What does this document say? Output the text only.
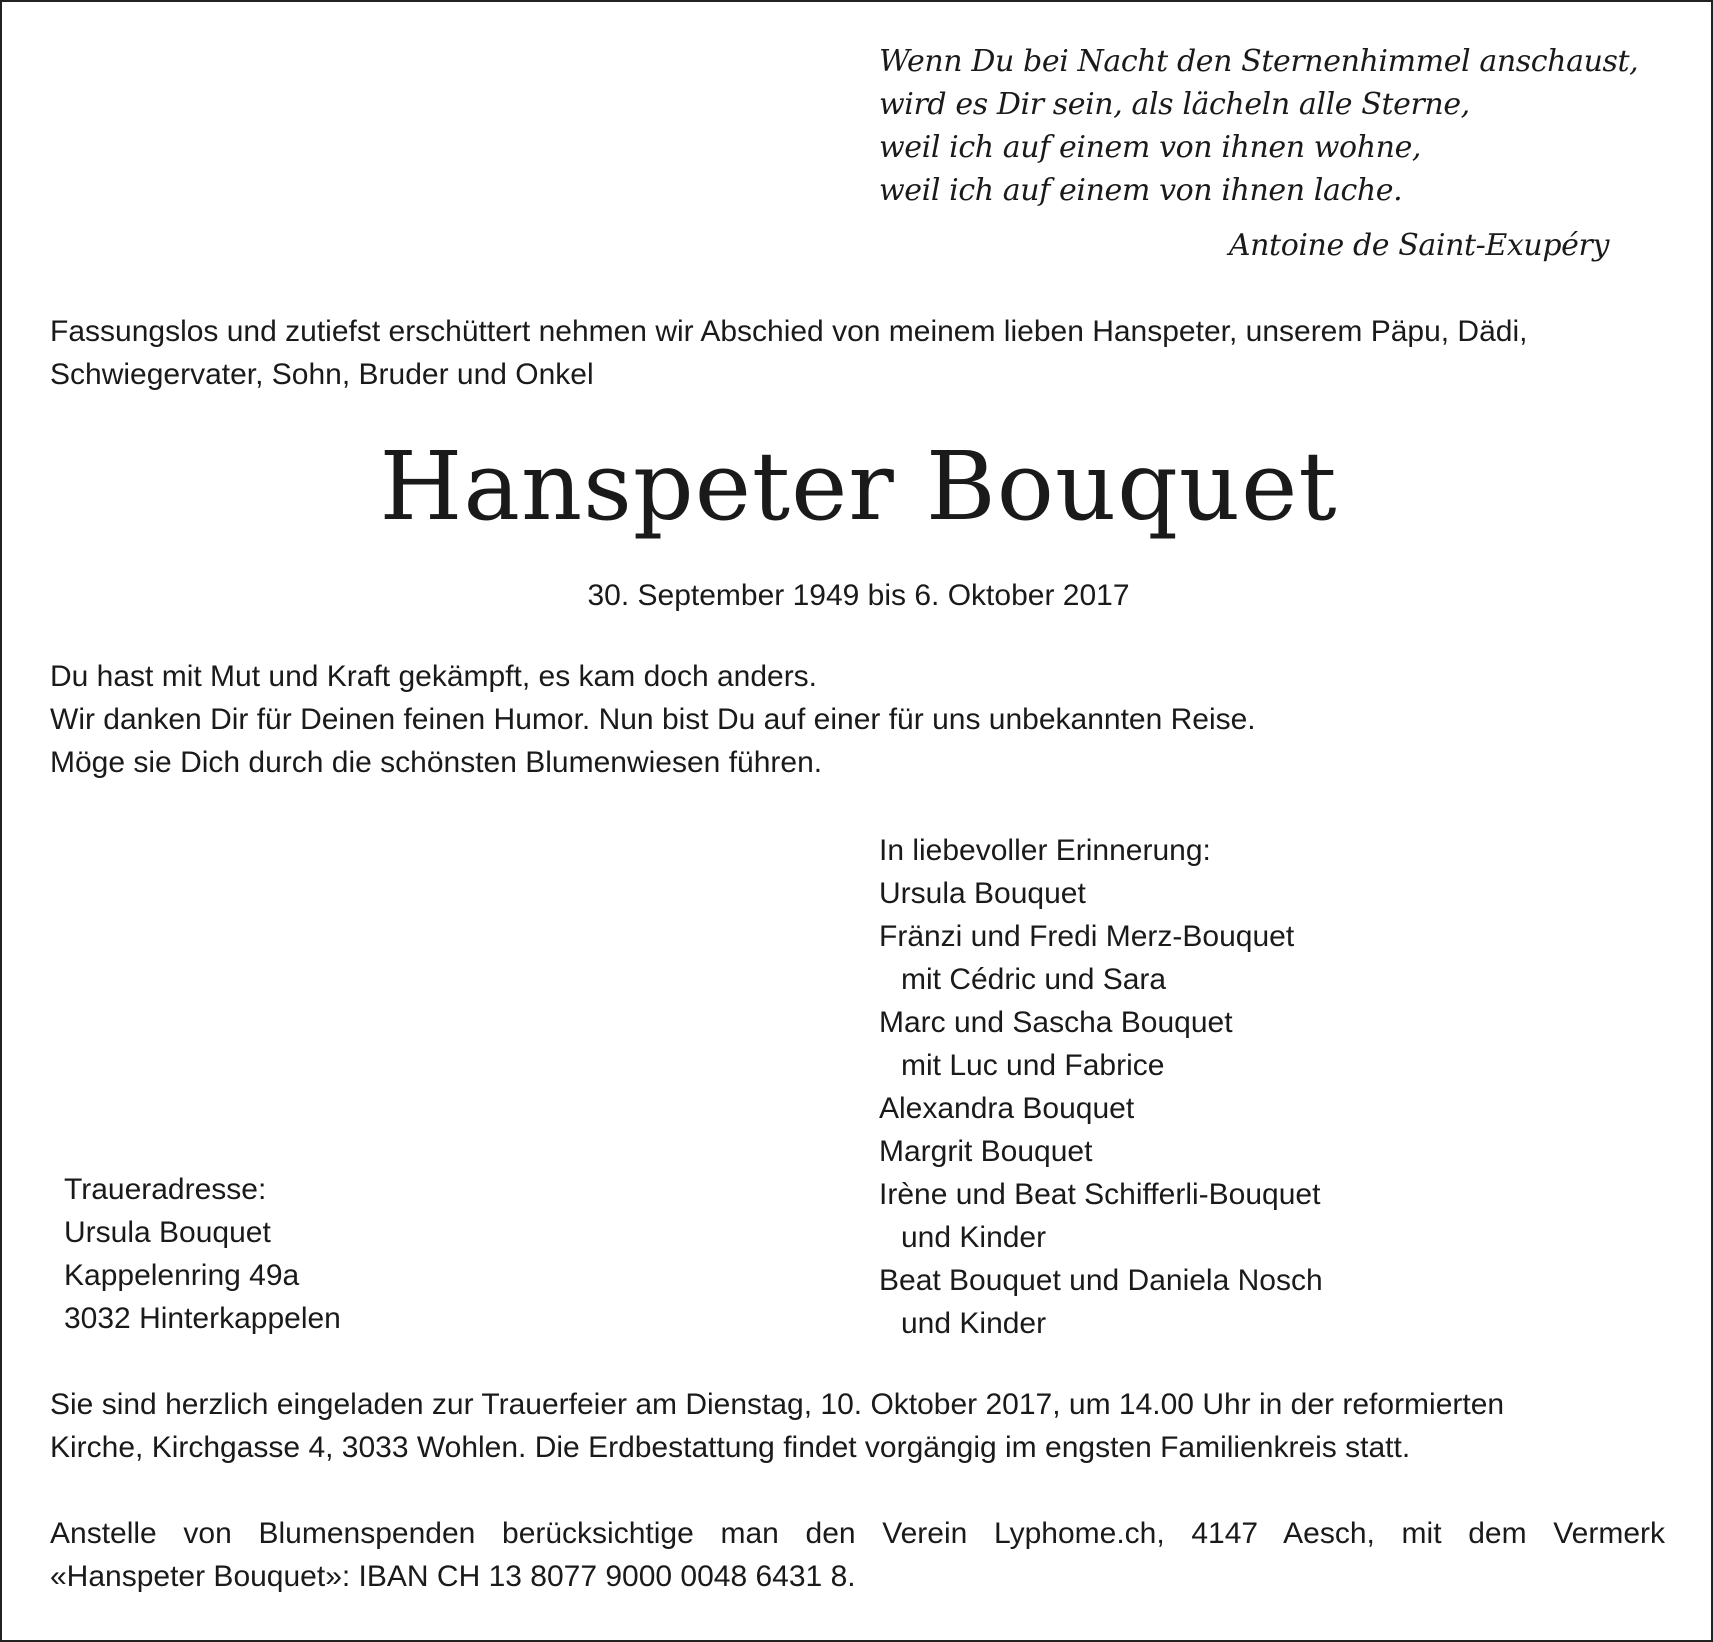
Wenn Du bei Nacht den Sternenhimmel anschaust,
wird es Dir sein, als lächeln alle Sterne,
weil ich auf einem von ihnen wohne,
weil ich auf einem von ihnen lache.
Antoine de Saint-Exupéry
Fassungslos und zutiefst erschüttert nehmen wir Abschied von meinem lieben Hanspeter, unserem Päpu, Dädi,
Schwiegervater, Sohn, Bruder und Onkel
Hanspeter Bouquet
30. September 1949 bis 6. Oktober 2017
Du hast mit Mut und Kraft gekämpft, es kam doch anders.
Wir danken Dir für Deinen feinen Humor. Nun bist Du auf einer für uns unbekannten Reise.
Möge sie Dich durch die schönsten Blumenwiesen führen.
In liebevoller Erinnerung:
Ursula Bouquet
Fränzi und Fredi Merz-Bouquet
mit Cédric und Sara
Marc und Sascha Bouquet
mit Luc und Fabrice
Alexandra Bouquet
Margrit Bouquet
Irène und Beat Schifferli-Bouquet
und Kinder
Beat Bouquet und Daniela Nosch
und Kinder
Traueradresse:
Ursula Bouquet
Kappelenring 49a
3032 Hinterkappelen
Sie sind herzlich eingeladen zur Trauerfeier am Dienstag, 10. Oktober 2017, um 14.00 Uhr in der reformierten
Kirche, Kirchgasse 4, 3033 Wohlen. Die Erdbestattung findet vorgängig im engsten Familienkreis statt.
Anstelle von Blumenspenden berücksichtige man den Verein Lyphome.ch, 4147 Aesch, mit dem Vermerk
«Hanspeter Bouquet»: IBAN CH 13 8077 9000 0048 6431 8.
